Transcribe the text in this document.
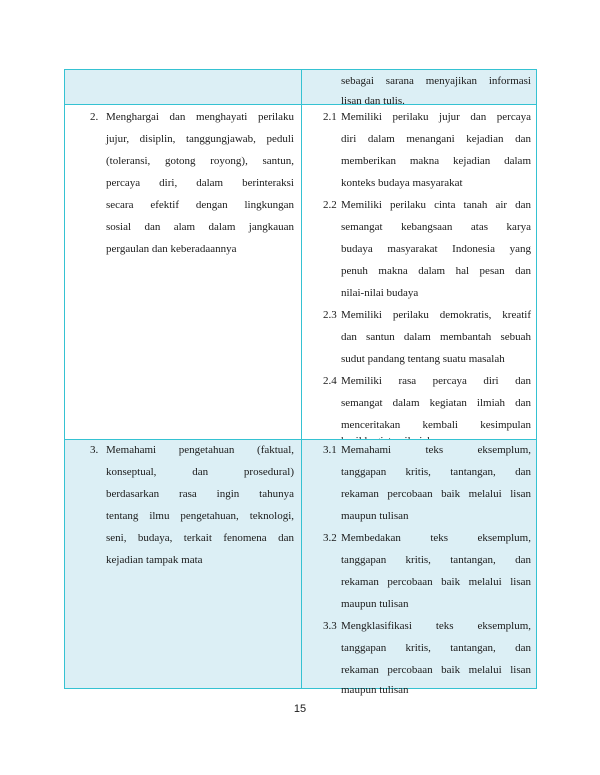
sebagai sarana menyajikan informasi
lisan dan tulis.
2. Menghargai dan menghayati perilaku
jujur, disiplin, tanggungjawab, peduli
(toleransi, gotong royong), santun,
percaya diri, dalam berinteraksi
secara efektif dengan lingkungan
sosial dan alam dalam jangkauan
pergaulan dan keberadaannya
2.1 Memiliki perilaku jujur dan percaya
diri dalam menangani kejadian dan
memberikan makna kejadian dalam
konteks budaya masyarakat
2.2 Memiliki perilaku cinta tanah air dan
semangat kebangsaan atas karya
budaya masyarakat Indonesia yang
penuh makna dalam hal pesan dan
nilai-nilai budaya
2.3 Memiliki perilaku demokratis, kreatif
dan santun dalam membantah sebuah
sudut pandang tentang suatu masalah
2.4 Memiliki rasa percaya diri dan
semangat dalam kegiatan ilmiah dan
menceritakan kembali kesimpulan
3. Memahami pengetahuan (faktual,
konseptual, dan prosedural)
berdasarkan rasa ingin tahunya
tentang ilmu pengetahuan, teknologi,
seni, budaya, terkait fenomena dan
kejadian tampak mata
3.1 Memahami teks eksemplum,
tanggapan kritis, tantangan, dan
rekaman percobaan baik melalui lisan
maupun tulisan
3.2 Membedakan teks eksemplum,
tanggapan kritis, tantangan, dan
rekaman percobaan baik melalui lisan
maupun tulisan
3.3 Mengklasifikasi teks eksemplum,
tanggapan kritis, tantangan, dan
rekaman percobaan baik melalui lisan
maupun tulisan
15
